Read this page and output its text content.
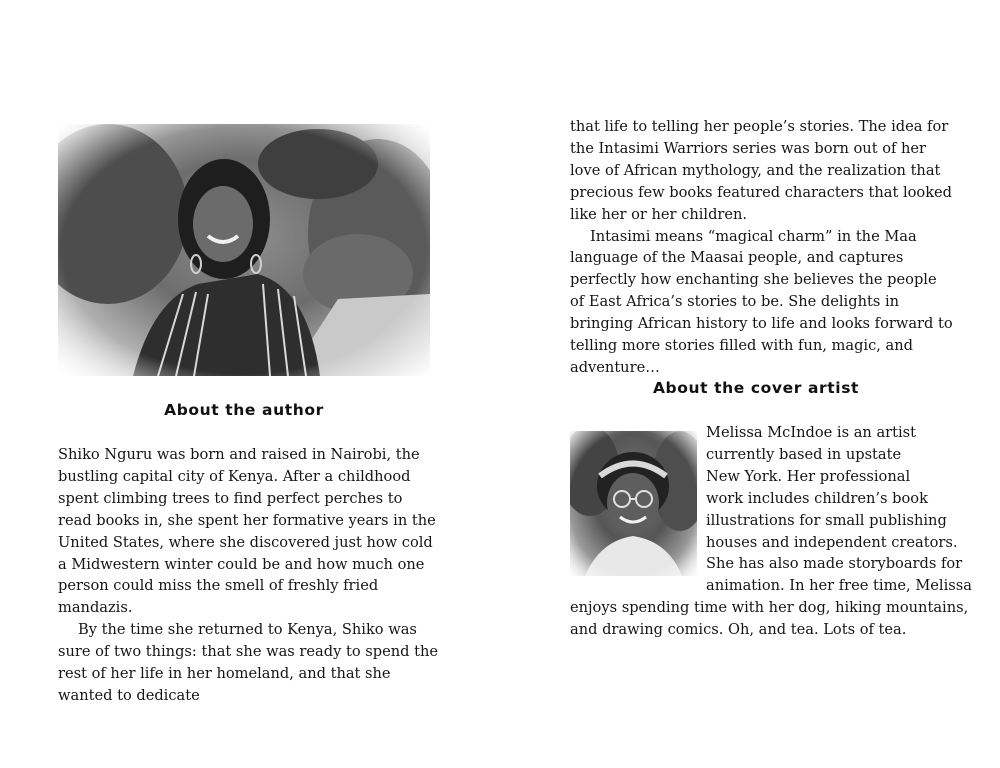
About the author

Shiko Nguru was born and raised in Nairobi, the bustling capital city of Kenya. After a childhood spent climbing trees to find perfect perches to read books in, she spent her formative years in the United States, where she discovered just how cold a Midwestern winter could be and how much one person could miss the smell of freshly fried mandazis.

By the time she returned to Kenya, Shiko was sure of two things: that she was ready to spend the rest of her life in her homeland, and that she wanted to dedicate

that life to telling her people’s stories. The idea for the Intasimi Warriors series was born out of her love of African mythology, and the realization that precious few books featured characters that looked like her or her children.

Intasimi means “magical charm” in the Maa language of the Maasai people, and captures perfectly how enchanting she believes the people of East Africa’s stories to be. She delights in bringing African history to life and looks forward to telling more stories filled with fun, magic, and adventure…

About the cover artist
Melissa McIndoe is an artist
currently based in upstate
New York. Her professional
work includes children’s book
illustrations for small publishing
houses and independent creators.
She has also made storyboards for
animation. In her free time, Melissa
enjoys spending time with her dog, hiking mountains,
and drawing comics. Oh, and tea. Lots of tea.
